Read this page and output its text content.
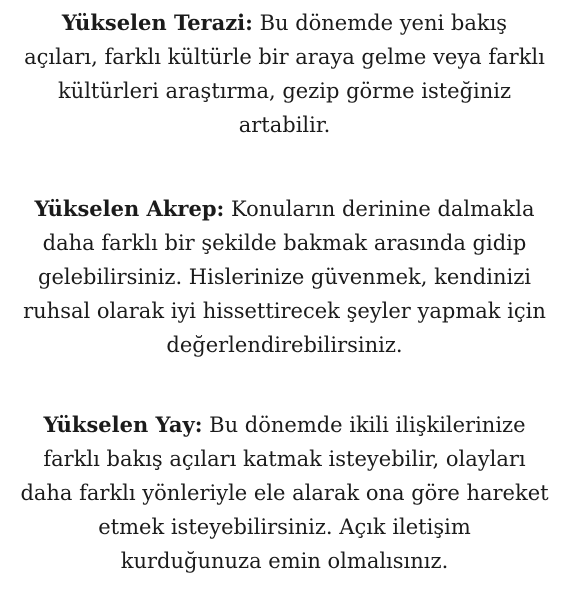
Yükselen Terazi: Bu dönemde yeni bakış
açıları, farklı kültürle bir araya gelme veya farklı
kültürleri araştırma, gezip görme isteğiniz
artabilir.

Yükselen Akrep: Konuların derinine dalmakla
daha farklı bir şekilde bakmak arasında gidip
gelebilirsiniz. Hislerinize güvenmek, kendinizi
ruhsal olarak iyi hissettirecek şeyler yapmak için
değerlendirebilirsiniz.

Yükselen Yay: Bu dönemde ikili ilişkilerinize
farklı bakış açıları katmak isteyebilir, olayları
daha farklı yönleriyle ele alarak ona göre hareket
etmek isteyebilirsiniz. Açık iletişim
kurduğunuza emin olmalısınız.
